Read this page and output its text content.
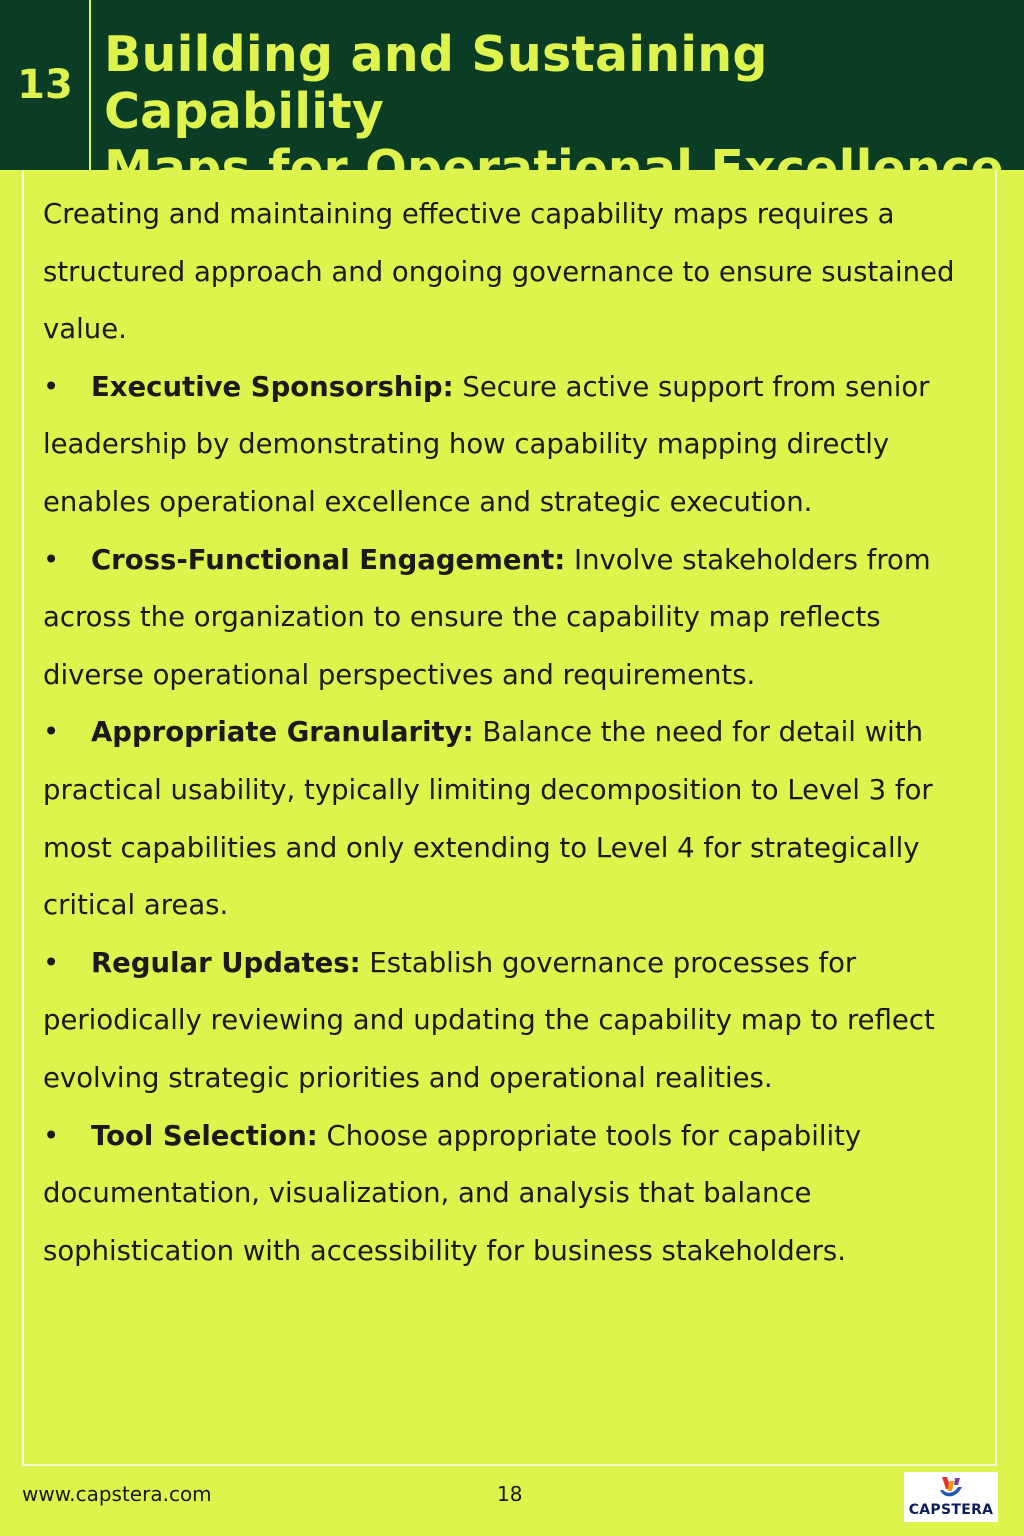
13
Building and Sustaining Capability
Maps for Operational Excellence

Creating and maintaining effective capability maps requires a structured approach and ongoing governance to ensure sustained value.

• Executive Sponsorship: Secure active support from senior leadership by demonstrating how capability mapping directly enables operational excellence and strategic execution.

• Cross-Functional Engagement: Involve stakeholders from across the organization to ensure the capability map reflects diverse operational perspectives and requirements.

• Appropriate Granularity: Balance the need for detail with practical usability, typically limiting decomposition to Level 3 for most capabilities and only extending to Level 4 for strategically critical areas.

• Regular Updates: Establish governance processes for periodically reviewing and updating the capability map to reflect evolving strategic priorities and operational realities.

• Tool Selection: Choose appropriate tools for capability documentation, visualization, and analysis that balance sophistication with accessibility for business stakeholders.

www.capstera.com	18
CAPSTERA
